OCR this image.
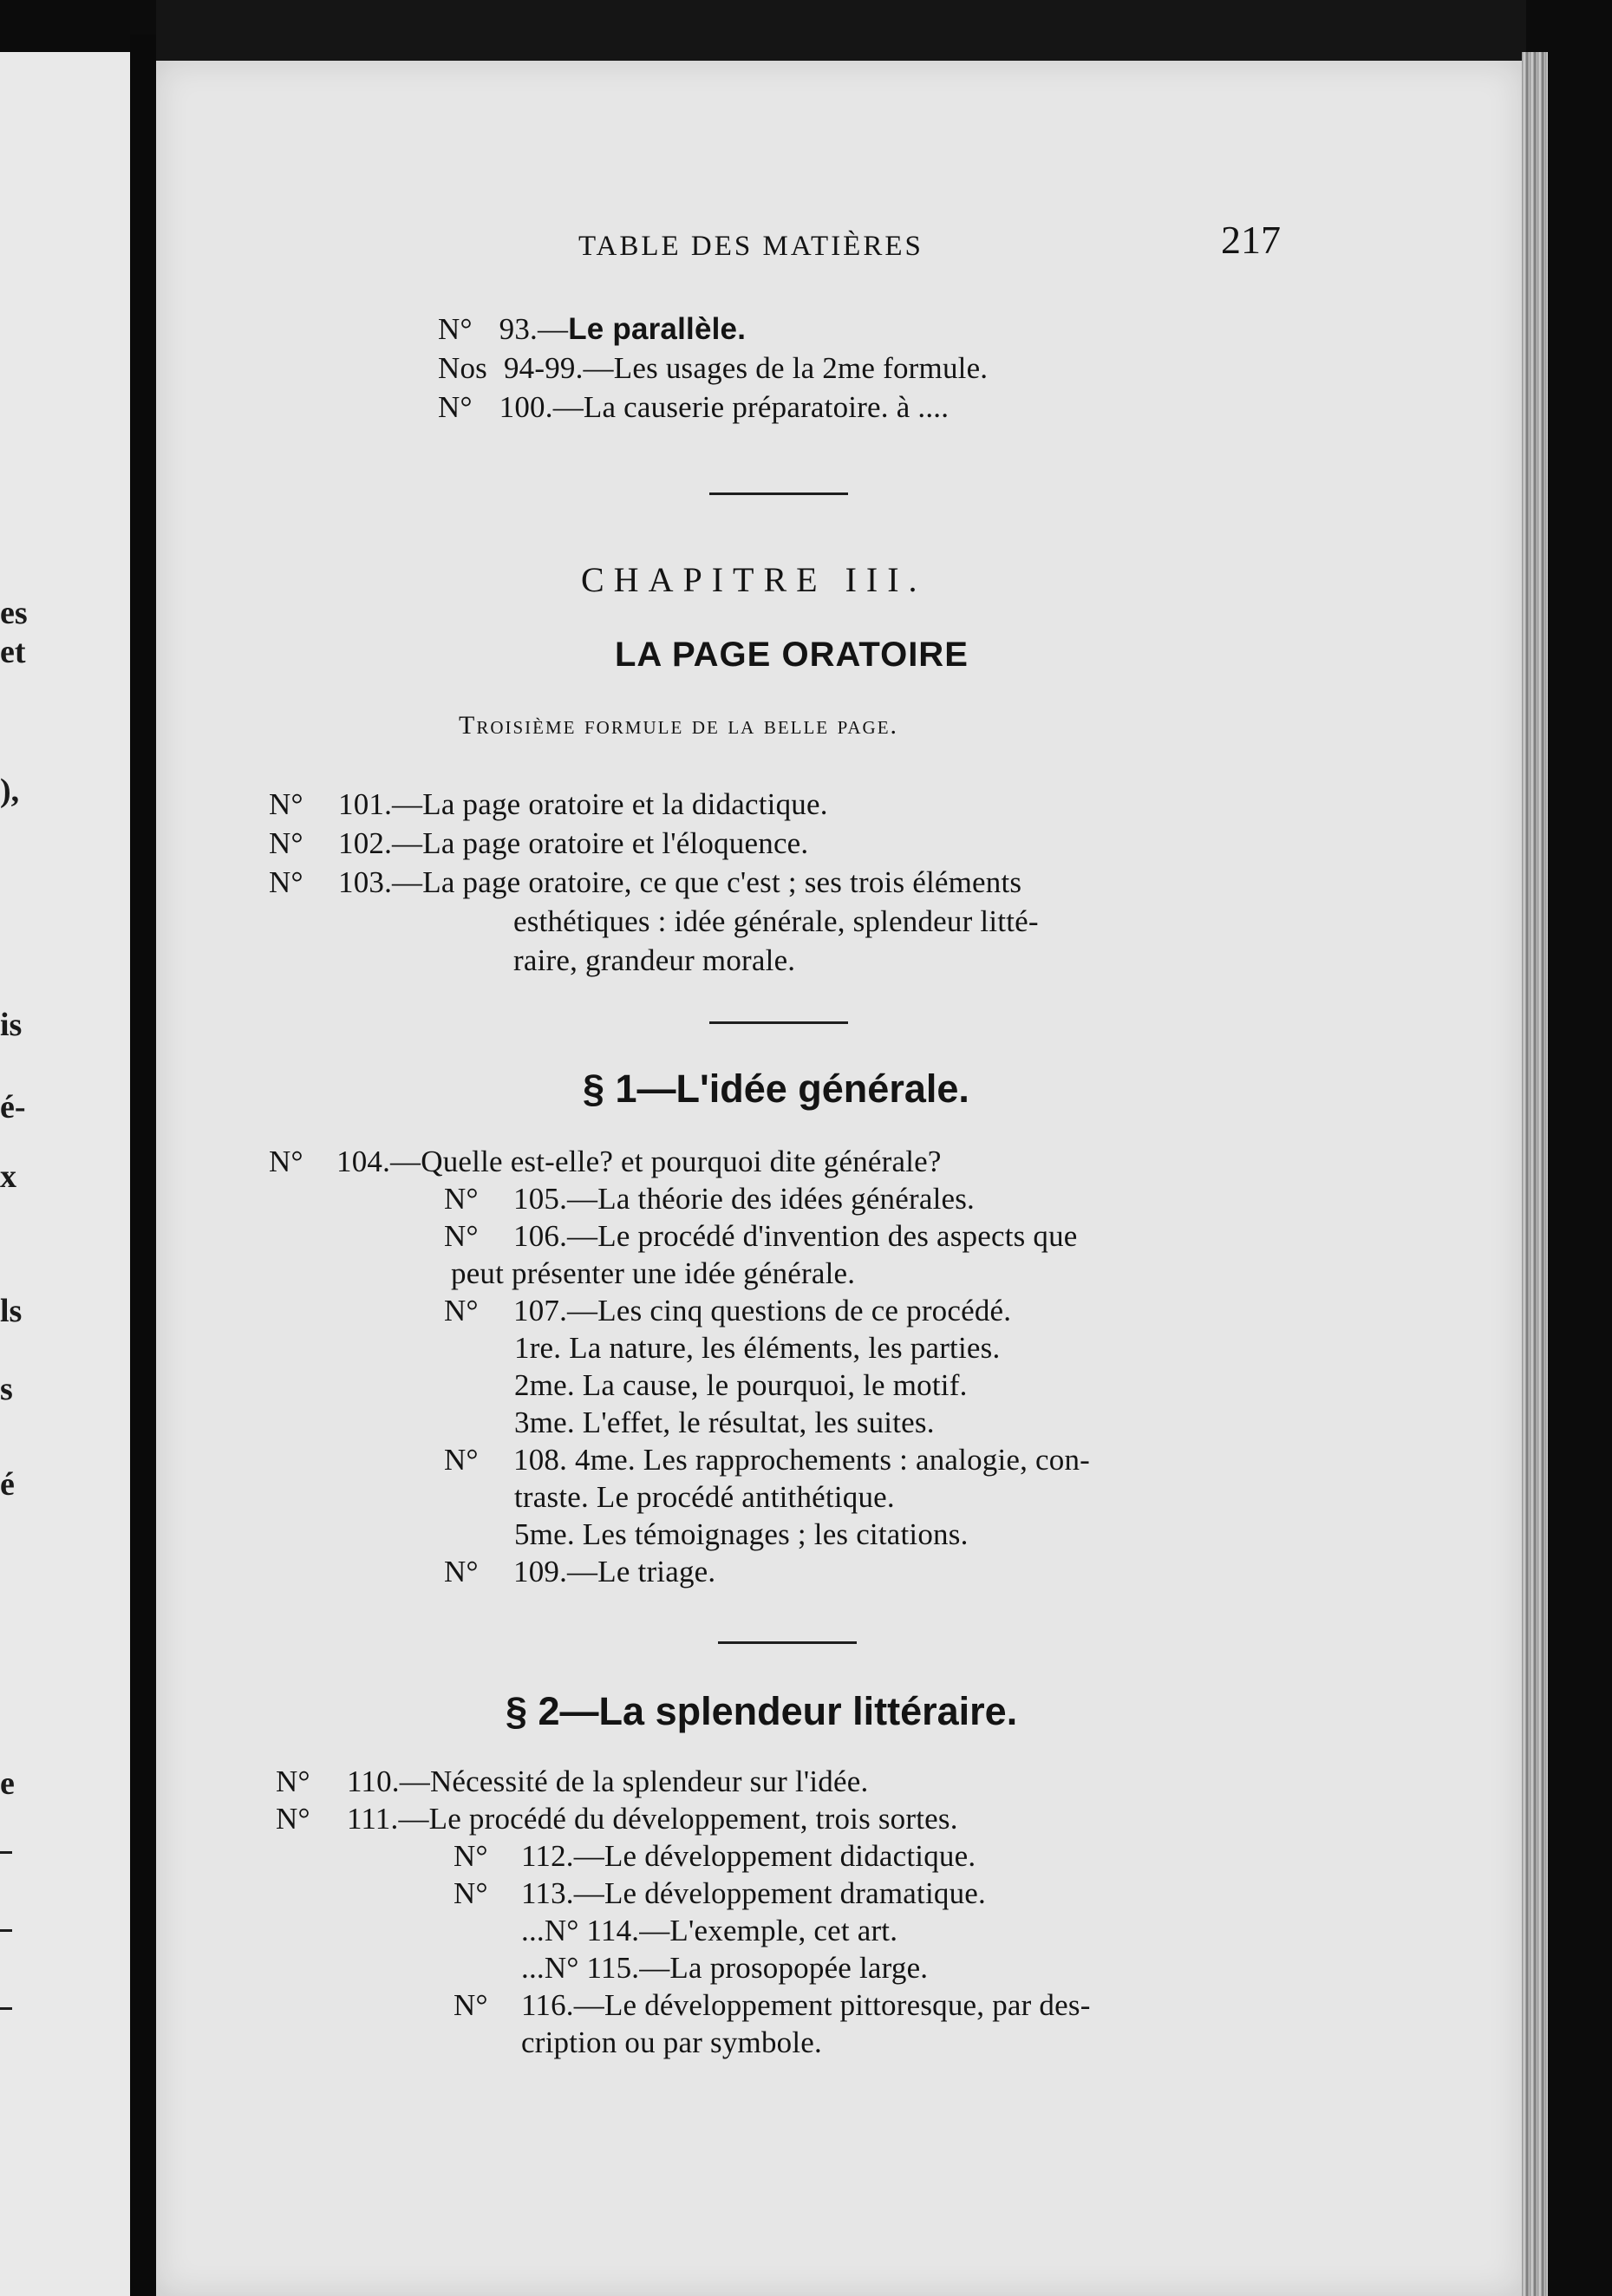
es
et
),
is
é-
x
ls
s
é
e
TABLE DES MATIÈRES	217
N° 93.—Le parallèle.
Nos 94-99.—Les usages de la 2me formule.
N° 100.—La causerie préparatoire. à ....
CHAPITRE III.
LA PAGE ORATOIRE
Troisième formule de la belle page.
N° 101.—La page oratoire et la didactique.
N° 102.—La page oratoire et l'éloquence.
N° 103.—La page oratoire, ce que c'est ; ses trois éléments
esthétiques : idée générale, splendeur litté-
raire, grandeur morale.
§ 1—L'idée générale.
N° 104.—Quelle est-elle? et pourquoi dite générale?
N° 105.—La théorie des idées générales.
N° 106.—Le procédé d'invention des aspects que
peut présenter une idée générale.
N° 107.—Les cinq questions de ce procédé.
1re. La nature, les éléments, les parties.
2me. La cause, le pourquoi, le motif.
3me. L'effet, le résultat, les suites.
N° 108. 4me. Les rapprochements : analogie, con-
traste. Le procédé antithétique.
5me. Les témoignages ; les citations.
N° 109.—Le triage.
§ 2—La splendeur littéraire.
N° 110.—Nécessité de la splendeur sur l'idée.
N° 111.—Le procédé du développement, trois sortes.
N° 112.—Le développement didactique.
N° 113.—Le développement dramatique.
...N° 114.—L'exemple, cet art.
...N° 115.—La prosopopée large.
N° 116.—Le développement pittoresque, par des-
cription ou par symbole.
